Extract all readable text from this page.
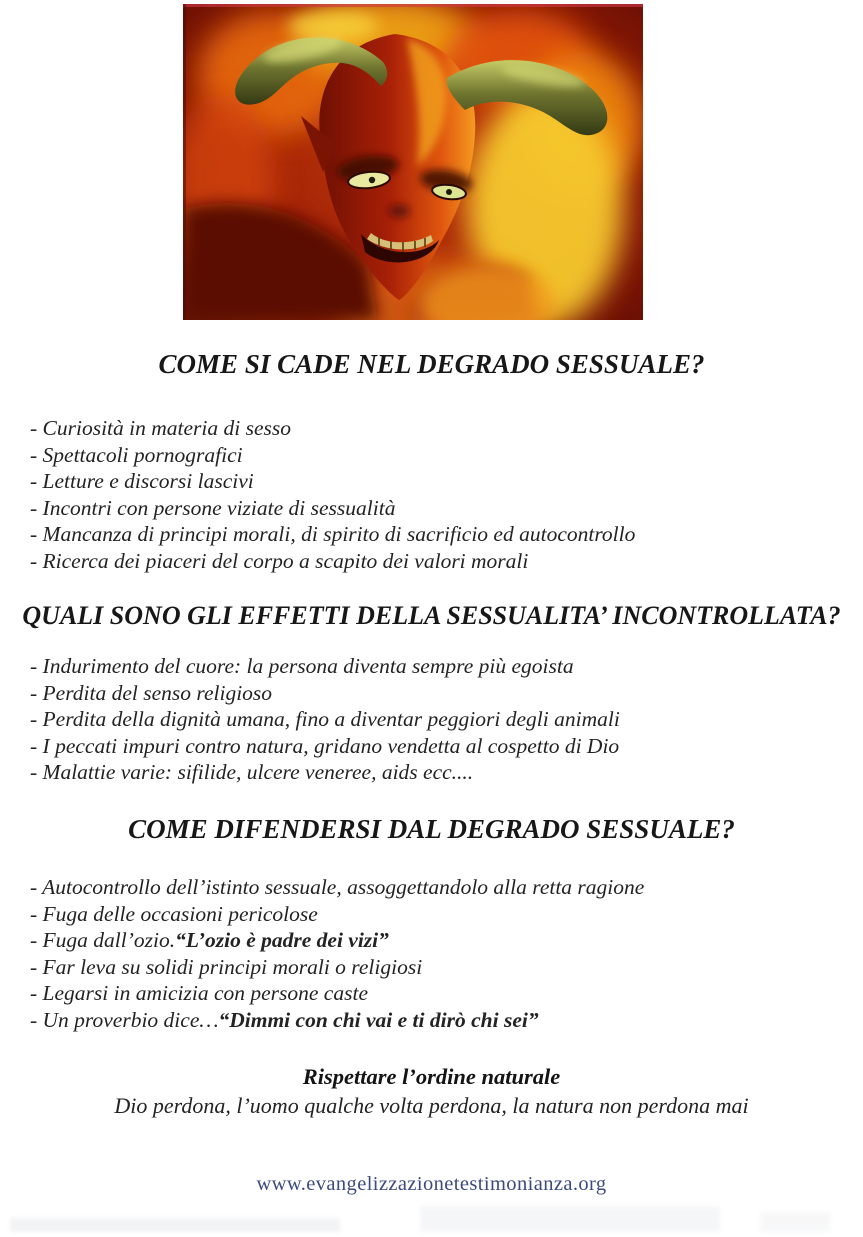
COME SI CADE NEL DEGRADO SESSUALE?
- Curiosità in materia di sesso
- Spettacoli pornografici
- Letture e discorsi lascivi
- Incontri con persone viziate di sessualità
- Mancanza di principi morali, di spirito di sacrificio ed autocontrollo
- Ricerca dei piaceri del corpo a scapito dei valori morali
QUALI SONO GLI EFFETTI DELLA SESSUALITA’ INCONTROLLATA?
- Indurimento del cuore: la persona diventa sempre più egoista
- Perdita del senso religioso
- Perdita della dignità umana, fino a diventar peggiori degli animali
- I peccati impuri contro natura, gridano vendetta al cospetto di Dio
- Malattie varie: sifilide, ulcere veneree, aids ecc....
COME DIFENDERSI DAL DEGRADO SESSUALE?
- Autocontrollo dell’istinto sessuale, assoggettandolo alla retta ragione
- Fuga delle occasioni pericolose
- Fuga dall’ozio.“L’ozio è padre dei vizi”
- Far leva su solidi principi morali o religiosi
- Legarsi in amicizia con persone caste
- Un proverbio dice…“Dimmi con chi vai e ti dirò chi sei”
Rispettare l’ordine naturale
Dio perdona, l’uomo qualche volta perdona, la natura non perdona mai
www.evangelizzazionetestimonianza.org
